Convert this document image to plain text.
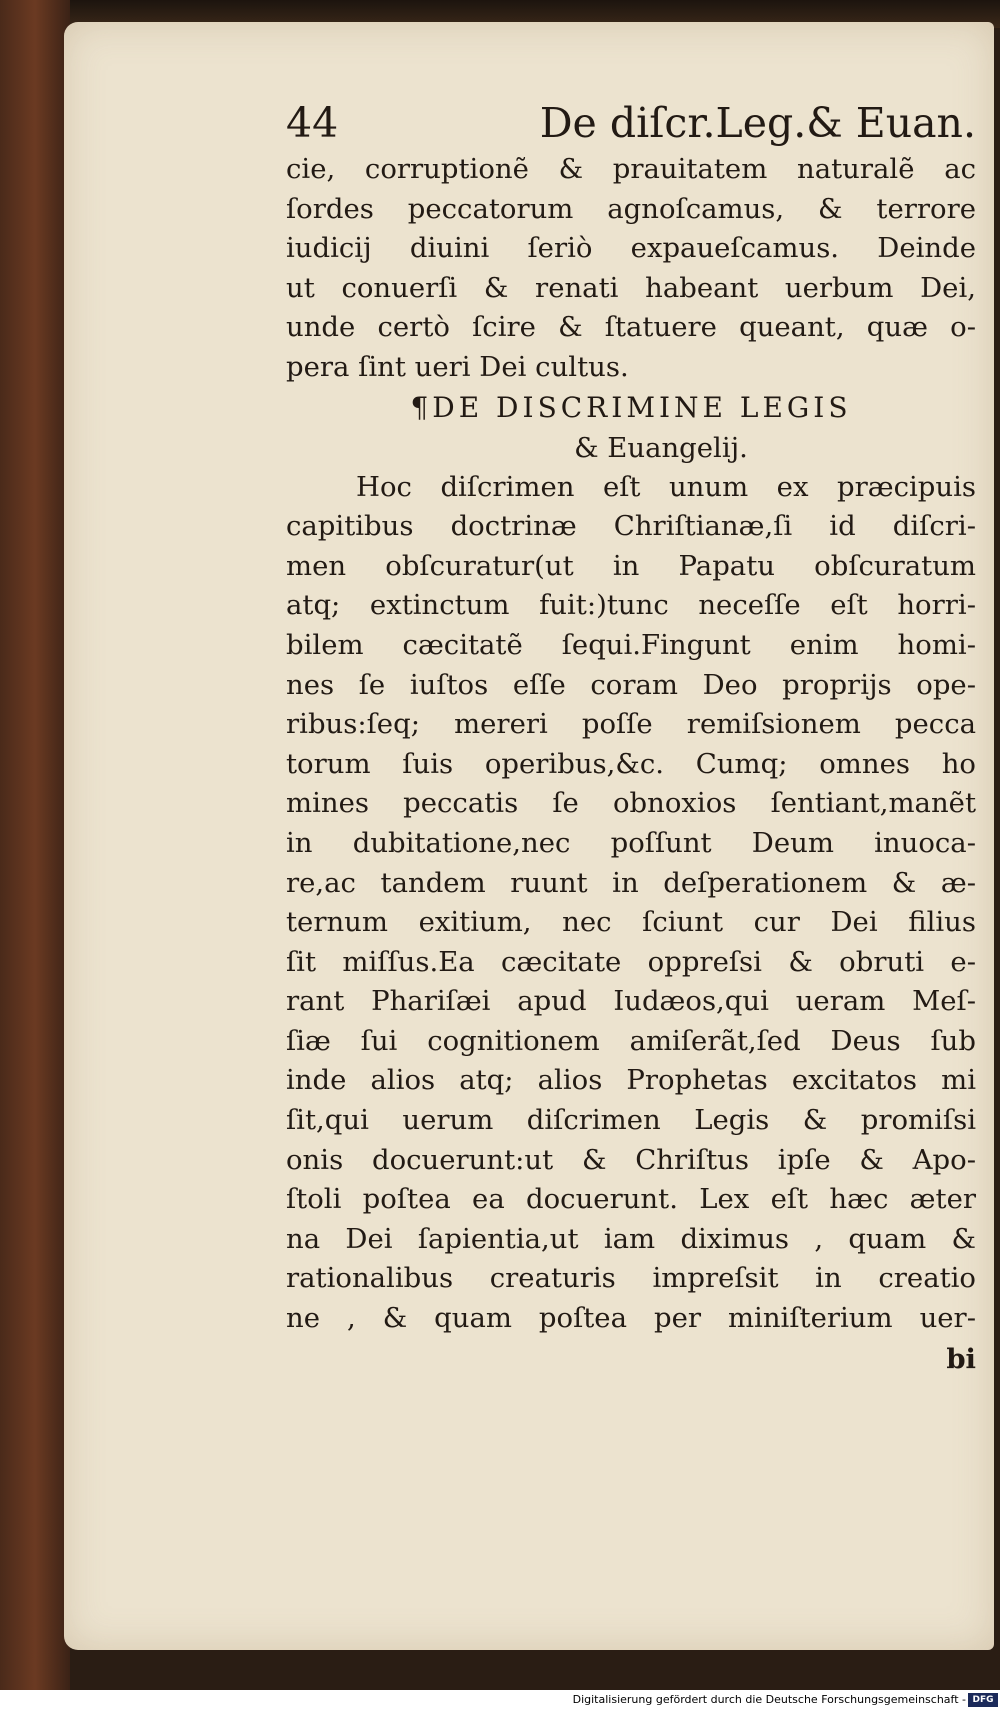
44	De diſcr.Leg.& Euan.
cie, corruptionẽ & prauitatem naturalẽ ac
ſordes peccatorum agnoſcamus, & terrore
iudicij diuini ſeriò expaueſcamus. Deinde
ut conuerſi & renati habeant uerbum Dei,
unde certò ſcire & ſtatuere queant, quæ o-
pera ſint ueri Dei cultus.
¶DE DISCRIMINE LEGIS
& Euangelij.
Hoc diſcrimen eſt unum ex præcipuis
capitibus doctrinæ Chriſtianæ,ſi id diſcri-
men obſcuratur(ut in Papatu obſcuratum
atq; extinctum fuit:)tunc neceſſe eſt horri-
bilem cæcitatẽ ſequi.Fingunt enim homi-
nes ſe iuſtos eſſe coram Deo proprijs ope-
ribus:ſeq; mereri poſſe remiſsionem pecca
torum ſuis operibus,&c. Cumq; omnes ho
mines peccatis ſe obnoxios ſentiant,manẽt
in dubitatione,nec poſſunt Deum inuoca-
re,ac tandem ruunt in deſperationem & æ-
ternum exitium, nec ſciunt cur Dei filius
ſit miſſus.Ea cæcitate oppreſsi & obruti e-
rant Phariſæi apud Iudæos,qui ueram Meſ-
ſiæ ſui cognitionem amiſerãt,ſed Deus ſub
inde alios atq; alios Prophetas excitatos mi
ſit,qui uerum diſcrimen Legis & promiſsi
onis docuerunt:ut & Chriſtus ipſe & Apo-
ſtoli poſtea ea docuerunt. Lex eſt hæc æter
na Dei ſapientia,ut iam diximus , quam &
rationalibus creaturis impreſsit in creatio
ne , & quam poſtea per miniſterium uer-
bi
Digitalisierung gefördert durch die Deutsche Forschungsgemeinschaft - DFG
